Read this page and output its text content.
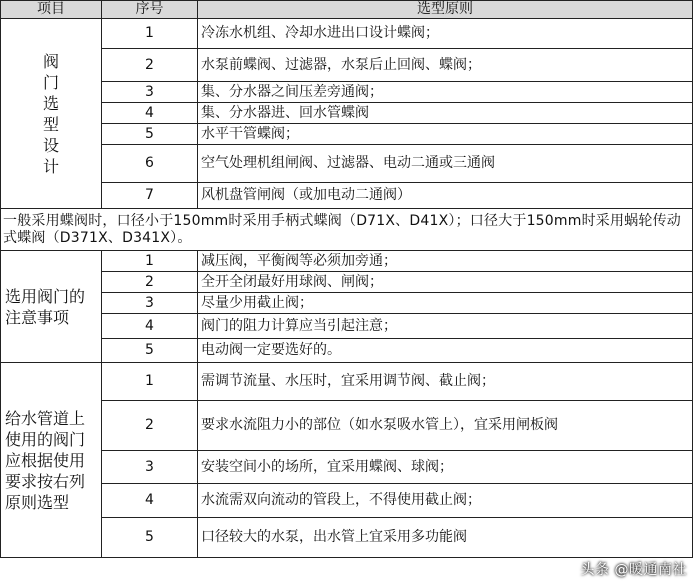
项目	序号	选型原则
阀门选型设计	1	冷冻水机组、冷却水进出口设计蝶阀；
	2	水泵前蝶阀、过滤器，水泵后止回阀、蝶阀；
	3	集、分水器之间压差旁通阀；
	4	集、分水器进、回水管蝶阀
	5	水平干管蝶阀；
	6	空气处理机组闸阀、过滤器、电动二通或三通阀
	7	风机盘管闸阀（或加电动二通阀）
一般采用蝶阀时，口径小于150mm时采用手柄式蝶阀（D71X、D41X）；口径大于150mm时采用蜗轮传动式蝶阀（D371X、D341X）。		
选用阀门的注意事项	1	减压阀，平衡阀等必须加旁通；
	2	全开全闭最好用球阀、闸阀；
	3	尽量少用截止阀；
	4	阀门的阻力计算应当引起注意；
	5	电动阀一定要选好的。
给水管道上使用的阀门应根据使用要求按右列原则选型	1	需调节流量、水压时，宜采用调节阀、截止阀；
	2	要求水流阻力小的部位（如水泵吸水管上），宜采用闸板阀
	3	安装空间小的场所，宜采用蝶阀、球阀；
	4	水流需双向流动的管段上，不得使用截止阀；
	5	口径较大的水泵，出水管上宜采用多功能阀
头条 @暖通南社
